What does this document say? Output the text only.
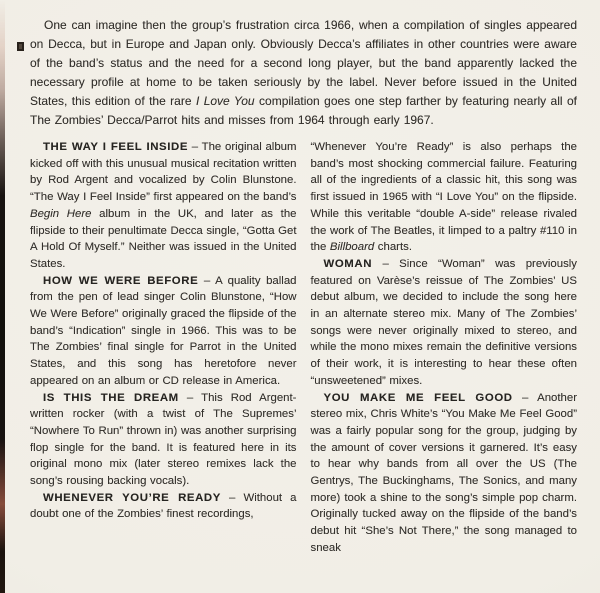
One can imagine then the group’s frustration circa 1966, when a compilation of singles appeared on Decca, but in Europe and Japan only. Obviously Decca’s affiliates in other countries were aware of the band’s status and the need for a second long player, but the band apparently lacked the necessary profile at home to be taken seriously by the label. Never before issued in the United States, this edition of the rare I Love You compilation goes one step farther by featuring nearly all of The Zombies’ Decca/Parrot hits and misses from 1964 through early 1967.

THE WAY I FEEL INSIDE – The original album kicked off with this unusual musical recitation written by Rod Argent and vocalized by Colin Blunstone. “The Way I Feel Inside” first appeared on the band’s Begin Here album in the UK, and later as the flipside to their penultimate Decca single, “Gotta Get A Hold Of Myself.” Neither was issued in the United States.

HOW WE WERE BEFORE – A quality ballad from the pen of lead singer Colin Blunstone, “How We Were Before” originally graced the flipside of the band’s “Indication” single in 1966. This was to be The Zombies’ final single for Parrot in the United States, and this song has heretofore never appeared on an album or CD release in America.

IS THIS THE DREAM – This Rod Argent-written rocker (with a twist of The Supremes’ “Nowhere To Run” thrown in) was another surprising flop single for the band. It is featured here in its original mono mix (later stereo remixes lack the song’s rousing backing vocals).

WHENEVER YOU’RE READY – Without a doubt one of the Zombies’ finest recordings,

“Whenever You’re Ready” is also perhaps the band’s most shocking commercial failure. Featuring all of the ingredients of a classic hit, this song was first issued in 1965 with “I Love You” on the flipside. While this veritable “double A-side” release rivaled the work of The Beatles, it limped to a paltry #110 in the Billboard charts.

WOMAN – Since “Woman” was previously featured on Varèse’s reissue of The Zombies’ US debut album, we decided to include the song here in an alternate stereo mix. Many of The Zombies’ songs were never originally mixed to stereo, and while the mono mixes remain the definitive versions of their work, it is interesting to hear these often “unsweetened” mixes.

YOU MAKE ME FEEL GOOD – Another stereo mix, Chris White’s “You Make Me Feel Good” was a fairly popular song for the group, judging by the amount of cover versions it garnered. It’s easy to hear why bands from all over the US (The Gentrys, The Buckinghams, The Sonics, and many more) took a shine to the song’s simple pop charm. Originally tucked away on the flipside of the band’s debut hit “She’s Not There,” the song managed to sneak
